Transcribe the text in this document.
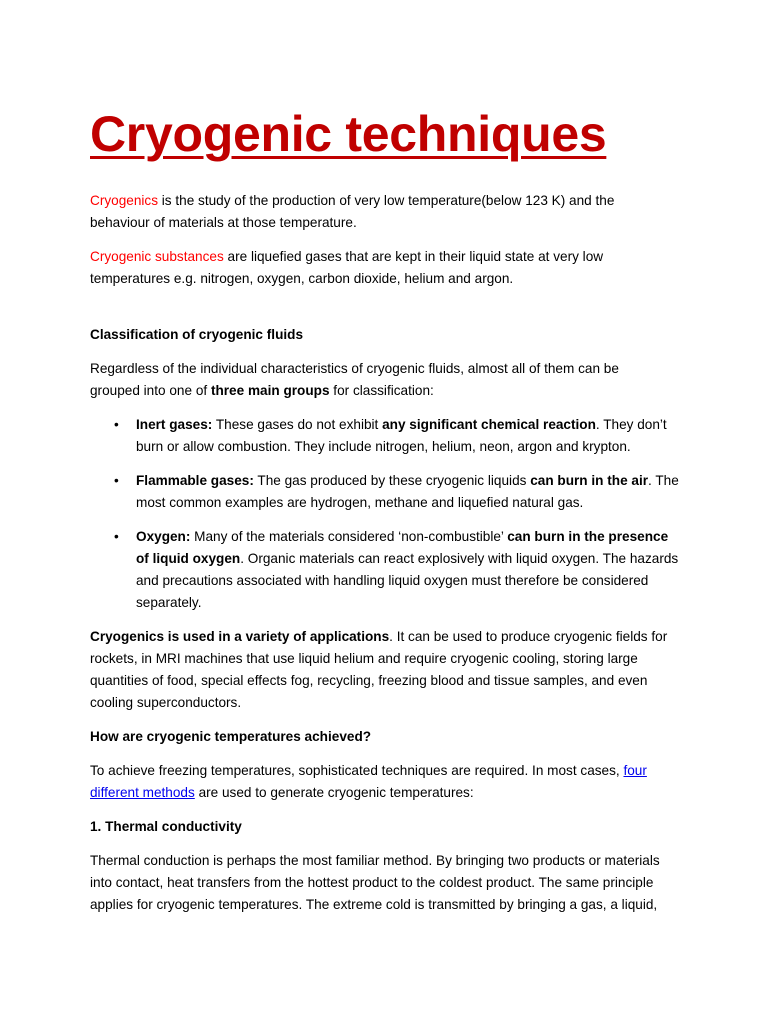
Cryogenic techniques

Cryogenics is the study of the production of very low temperature(below 123 K) and the
behaviour of materials at those temperature.

Cryogenic substances are liquefied gases that are kept in their liquid state at very low
temperatures e.g. nitrogen, oxygen, carbon dioxide, helium and argon.

Classification of cryogenic fluids

Regardless of the individual characteristics of cryogenic fluids, almost all of them can be
grouped into one of three main groups for classification:

• Inert gases: These gases do not exhibit any significant chemical reaction. They don’t
burn or allow combustion. They include nitrogen, helium, neon, argon and krypton.
• Flammable gases: The gas produced by these cryogenic liquids can burn in the air. The
most common examples are hydrogen, methane and liquefied natural gas.
• Oxygen: Many of the materials considered ‘non-combustible’ can burn in the presence
of liquid oxygen. Organic materials can react explosively with liquid oxygen. The hazards
and precautions associated with handling liquid oxygen must therefore be considered
separately.

Cryogenics is used in a variety of applications. It can be used to produce cryogenic fields for
rockets, in MRI machines that use liquid helium and require cryogenic cooling, storing large
quantities of food, special effects fog, recycling, freezing blood and tissue samples, and even
cooling superconductors.

How are cryogenic temperatures achieved?

To achieve freezing temperatures, sophisticated techniques are required. In most cases, four
different methods are used to generate cryogenic temperatures:

1. Thermal conductivity

Thermal conduction is perhaps the most familiar method. By bringing two products or materials
into contact, heat transfers from the hottest product to the coldest product. The same principle
applies for cryogenic temperatures. The extreme cold is transmitted by bringing a gas, a liquid,
